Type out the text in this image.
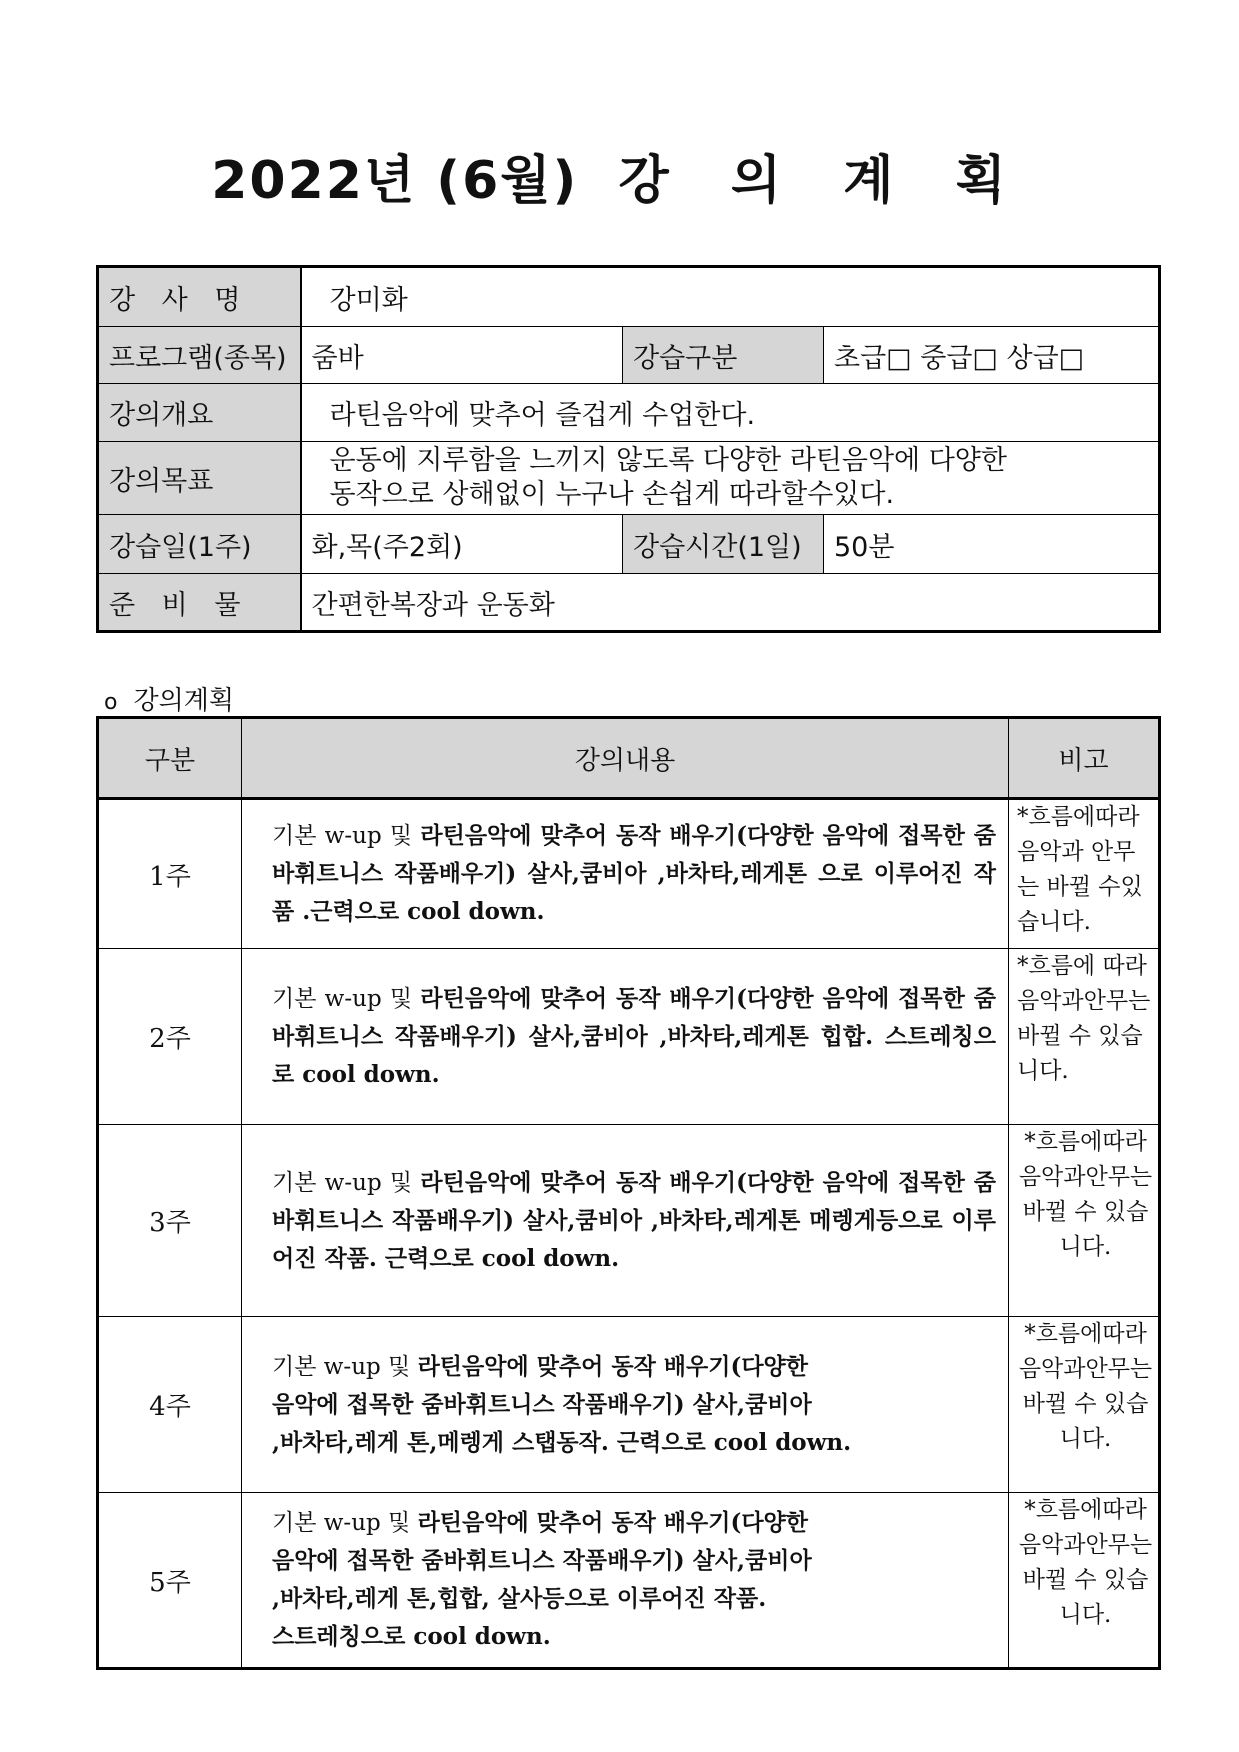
2022년 (6월) 강 의 계 획
강 사 명	강미화		
프로그램(종목)	줌바	강습구분	초급□ 중급□ 상급□
강의개요	라틴음악에 맞추어 즐겁게 수업한다.		
강의목표	운동에 지루함을 느끼지 않도록 다양한 라틴음악에 다양한
동작으로 상해없이 누구나 손쉽게 따라할수있다.		

강습일(1주)	화,목(주2회)	강습시간(1일)	50분
준 비 물	간편한복장과 운동화		

o 강의계획

구분	강의내용	비고
1주	기본 w-up 및 라틴음악에 맞추어 동작 배우기(다양한 음악에 접목한 줌바휘트니스 작품배우기) 살사,쿰비아 ,바차타,레게톤 으로 이루어진 작품 .근력으로 cool down.	*흐름에따라 음악과 안무는 바뀔 수있습니다.
2주	기본 w-up 및 라틴음악에 맞추어 동작 배우기(다양한 음악에 접목한 줌바휘트니스 작품배우기) 살사,쿰비아 ,바차타,레게톤 힙합. 스트레칭으로 cool down.	*흐름에 따라 음악과안무는 바뀔 수 있습니다.
3주	기본 w-up 및 라틴음악에 맞추어 동작 배우기(다양한 음악에 접목한 줌바휘트니스 작품배우기) 살사,쿰비아 ,바차타,레게톤 메렝게등으로 이루어진 작품. 근력으로 cool down.	*흐름에따라 음악과안무는 바뀔 수 있습니다.
4주	기본 w-up 및 라틴음악에 맞추어 동작 배우기(다양한
음악에 접목한 줌바휘트니스 작품배우기) 살사,쿰비아
,바차타,레게 톤,메렝게 스탭동작. 근력으로 cool down.	*흐름에따라 음악과안무는 바뀔 수 있습니다.
5주	기본 w-up 및 라틴음악에 맞추어 동작 배우기(다양한
음악에 접목한 줌바휘트니스 작품배우기) 살사,쿰비아
,바차타,레게 톤,힙합, 살사등으로 이루어진 작품.
스트레칭으로 cool down.	*흐름에따라 음악과안무는 바뀔 수 있습니다.
